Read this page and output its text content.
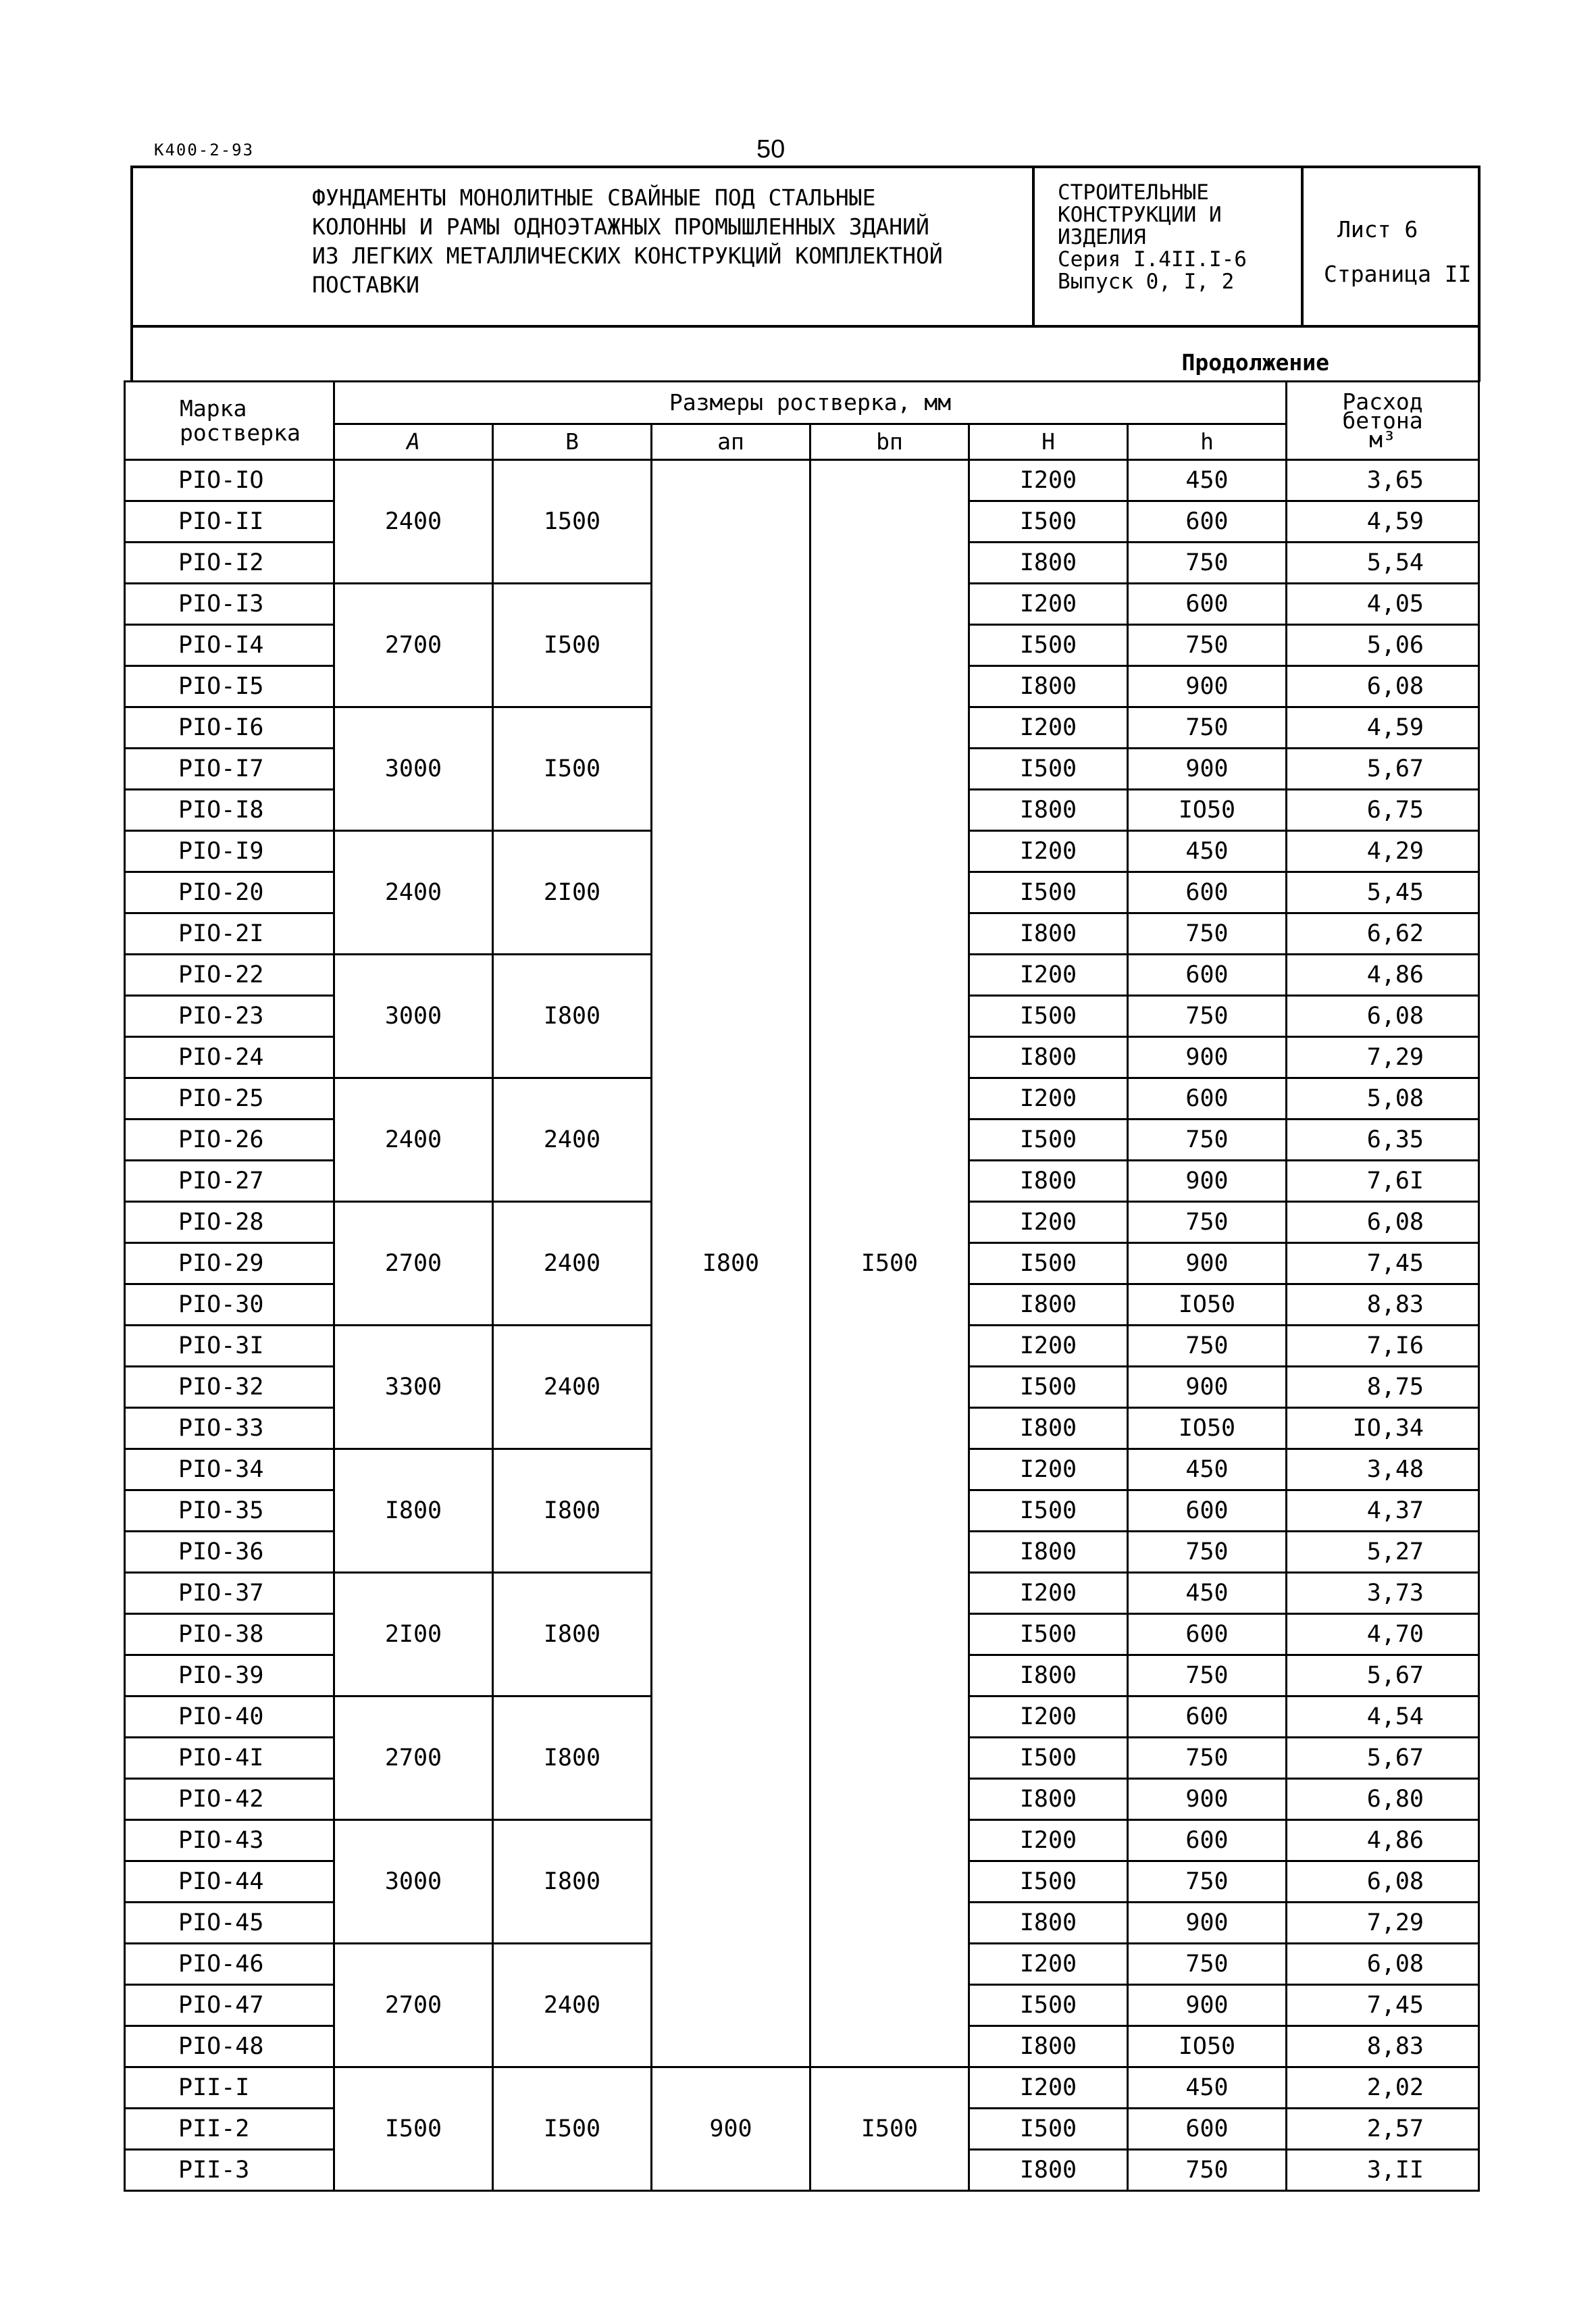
К400-2-93	50
ФУНДАМЕНТЫ МОНОЛИТНЫЕ СВАЙНЫЕ ПОД СТАЛЬНЫЕ
КОЛОННЫ И РАМЫ ОДНОЭТАЖНЫХ ПРОМЫШЛЕННЫХ ЗДАНИЙ
ИЗ ЛЕГКИХ МЕТАЛЛИЧЕСКИХ КОНСТРУКЦИЙ КОМПЛЕКТНОЙ
ПОСТАВКИ
СТРОИТЕЛЬНЫЕ
КОНСТРУКЦИИ И
ИЗДЕЛИЯ
Серия I.4II.I-6
Выпуск 0, I, 2
Лист 6
Страница II
Продолжение
Марка
ростверка	Размеры ростверка, мм						Расход
бетона
м³
	A	B	aп	bп	H	h	
PIO-IO	2400	1500	I800	I500	I200	450	3,65
PIO-II					I500	600	4,59
PIO-I2					I800	750	5,54
PIO-I3	2700	I500			I200	600	4,05
PIO-I4					I500	750	5,06
PIO-I5					I800	900	6,08
PIO-I6	3000	I500			I200	750	4,59
PIO-I7					I500	900	5,67
PIO-I8					I800	IO50	6,75
PIO-I9	2400	2I00			I200	450	4,29
PIO-20					I500	600	5,45
PIO-2I					I800	750	6,62
PIO-22	3000	I800			I200	600	4,86
PIO-23					I500	750	6,08
PIO-24					I800	900	7,29
PIO-25	2400	2400			I200	600	5,08
PIO-26					I500	750	6,35
PIO-27					I800	900	7,6I
PIO-28	2700	2400			I200	750	6,08
PIO-29					I500	900	7,45
PIO-30					I800	IO50	8,83
PIO-3I	3300	2400			I200	750	7,I6
PIO-32					I500	900	8,75
PIO-33					I800	IO50	IO,34
PIO-34	I800	I800			I200	450	3,48
PIO-35					I500	600	4,37
PIO-36					I800	750	5,27
PIO-37	2I00	I800			I200	450	3,73
PIO-38					I500	600	4,70
PIO-39					I800	750	5,67
PIO-40	2700	I800			I200	600	4,54
PIO-4I					I500	750	5,67
PIO-42					I800	900	6,80
PIO-43	3000	I800			I200	600	4,86
PIO-44					I500	750	6,08
PIO-45					I800	900	7,29
PIO-46	2700	2400			I200	750	6,08
PIO-47					I500	900	7,45
PIO-48					I800	IO50	8,83
PII-I	I500	I500	900	I500	I200	450	2,02
PII-2					I500	600	2,57
PII-3					I800	750	3,II
